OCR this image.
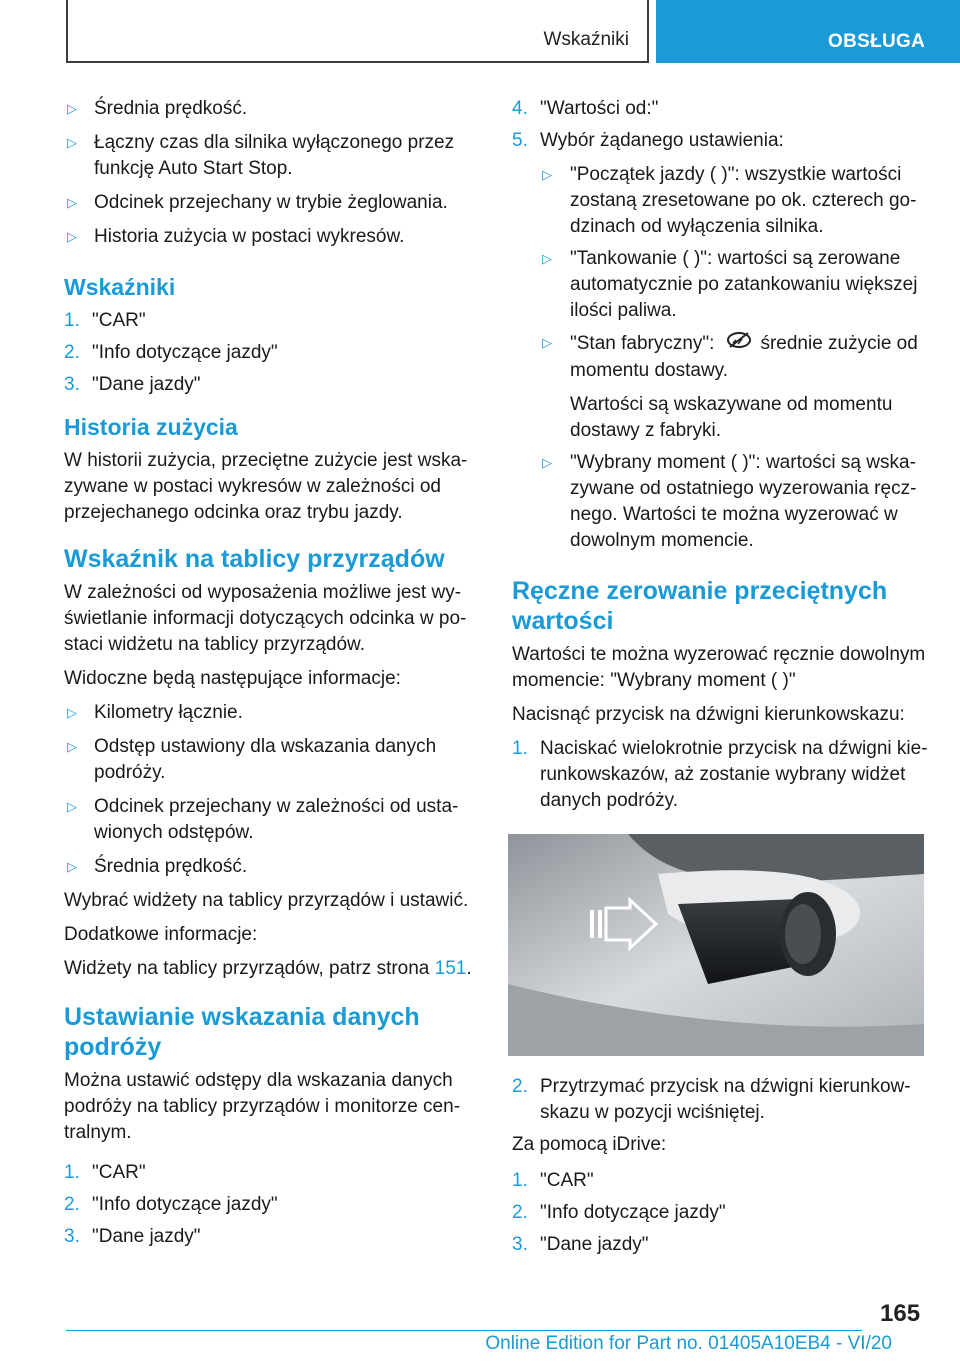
Wskaźniki	OBSŁUGA
▷ Średnia prędkość.
▷ Łączny czas dla silnika wyłączonego przez funkcję Auto Start Stop.
▷ Odcinek przejechany w trybie żeglowania.
▷ Historia zużycia w postaci wykresów.
Wskaźniki
1. "CAR"
2. "Info dotyczące jazdy"
3. "Dane jazdy"
Historia zużycia

W historii zużycia, przeciętne zużycie jest wskazywane w postaci wykresów w zależności od przejechanego odcinka oraz trybu jazdy.

Wskaźnik na tablicy przyrządów

W zależności od wyposażenia możliwe jest wyświetlanie informacji dotyczących odcinka w postaci widżetu na tablicy przyrządów.

Widoczne będą następujące informacje:

▷ Kilometry łącznie.
▷ Odstęp ustawiony dla wskazania danych podróży.
▷ Odcinek przejechany w zależności od ustawionych odstępów.
▷ Średnia prędkość.

Wybrać widżety na tablicy przyrządów i ustawić.

Dodatkowe informacje:

Widżety na tablicy przyrządów, patrz strona 151.

Ustawianie wskazania danych podróży

Można ustawić odstępy dla wskazania danych podróży na tablicy przyrządów i monitorze centralnym.

1. "CAR"
2. "Info dotyczące jazdy"
3. "Dane jazdy"
4. "Wartości od:"
5. Wybór żądanego ustawienia:
▷ "Początek jazdy ( )": wszystkie wartości zostaną zresetowane po ok. czterech godzinach od wyłączenia silnika.
▷ "Tankowanie ( )": wartości są zerowane automatycznie po zatankowaniu większej ilości paliwa.
▷ "Stan fabryczny": średnie zużycie od momentu dostawy.

Wartości są wskazywane od momentu dostawy z fabryki.

▷ "Wybrany moment ( )": wartości są wskazywane od ostatniego wyzerowania ręcznego. Wartości te można wyzerować w dowolnym momencie.
Ręczne zerowanie przeciętnych wartości

Wartości te można wyzerować ręcznie dowolnym momencie: "Wybrany moment ( )"

Nacisnąć przycisk na dźwigni kierunkowskazu:

1. Naciskać wielokrotnie przycisk na dźwigni kierunkowskazów, aż zostanie wybrany widżet danych podróży.
2. Przytrzymać przycisk na dźwigni kierunkowskazu w pozycji wciśniętej.

Za pomocą iDrive:

1. "CAR"
2. "Info dotyczące jazdy"
3. "Dane jazdy"
165
Online Edition for Part no. 01405A10EB4 - VI/20
